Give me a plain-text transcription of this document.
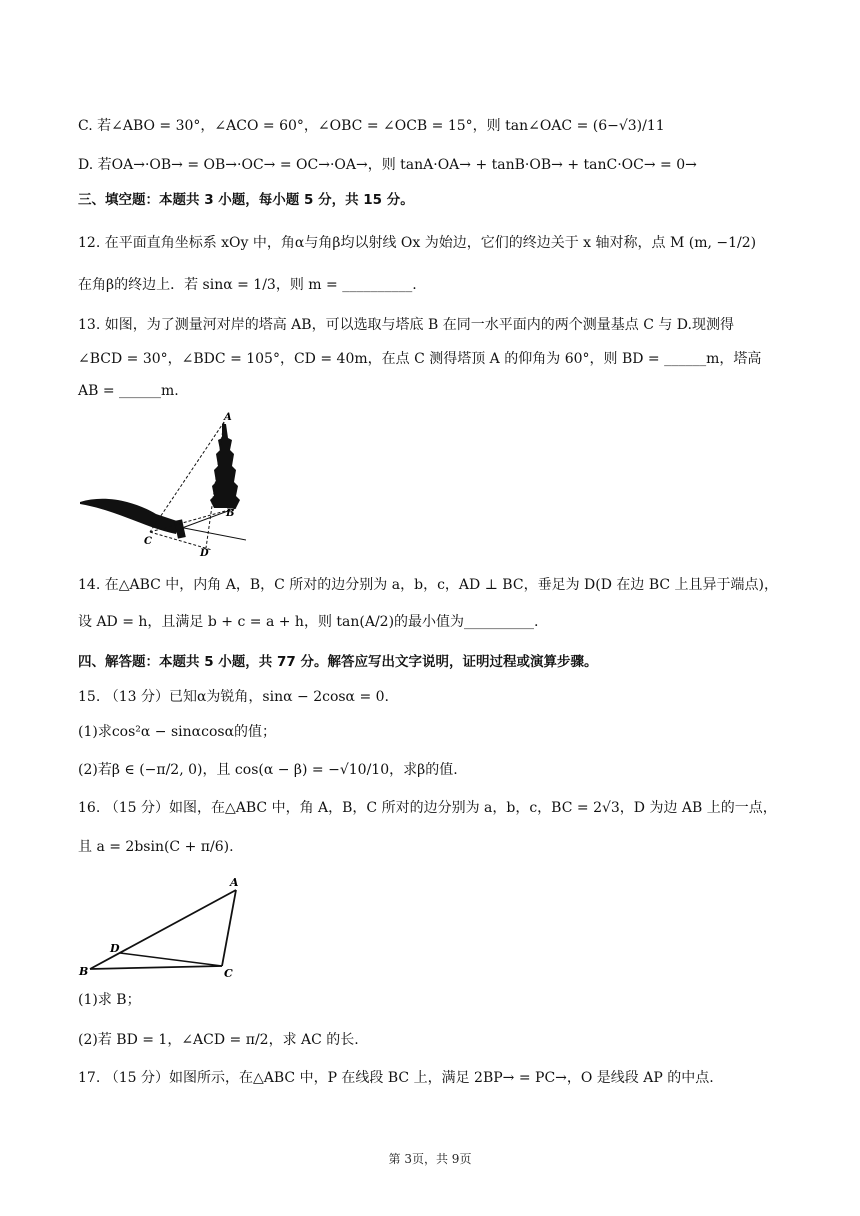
C. 若∠ABO = 30°，∠ACO = 60°，∠OBC = ∠OCB = 15°，则 tan∠OAC = (6−√3)/11
D. 若OA→·OB→ = OB→·OC→ = OC→·OA→，则 tanA·OA→ + tanB·OB→ + tanC·OC→ = 0→
三、填空题：本题共 3 小题，每小题 5 分，共 15 分。
12. 在平面直角坐标系 xOy 中，角α与角β均以射线 Ox 为始边，它们的终边关于 x 轴对称，点 M (m, −1/2)
在角β的终边上．若 sinα = 1/3，则 m = __________.
13. 如图，为了测量河对岸的塔高 AB，可以选取与塔底 B 在同一水平面内的两个测量基点 C 与 D.现测得
∠BCD = 30°，∠BDC = 105°，CD = 40m，在点 C 测得塔顶 A 的仰角为 60°，则 BD = ______m，塔高
AB = ______m.
A
B
C
D
14. 在△ABC 中，内角 A，B，C 所对的边分别为 a，b，c，AD ⊥ BC，垂足为 D(D 在边 BC 上且异于端点)，
设 AD = h，且满足 b + c = a + h，则 tan(A/2)的最小值为__________.
四、解答题：本题共 5 小题，共 77 分。解答应写出文字说明，证明过程或演算步骤。
15. （13 分）已知α为锐角，sinα − 2cosα = 0.
(1)求cos²α − sinαcosα的值；
(2)若β ∈ (−π/2, 0)，且 cos(α − β) = −√10/10，求β的值.
16. （15 分）如图，在△ABC 中，角 A，B，C 所对的边分别为 a，b，c，BC = 2√3，D 为边 AB 上的一点，
且 a = 2bsin(C + π/6).
A
B	C
D
(1)求 B；
(2)若 BD = 1，∠ACD = π/2，求 AC 的长.
17. （15 分）如图所示，在△ABC 中，P 在线段 BC 上，满足 2BP→ = PC→，O 是线段 AP 的中点.
第 3页，共 9页
